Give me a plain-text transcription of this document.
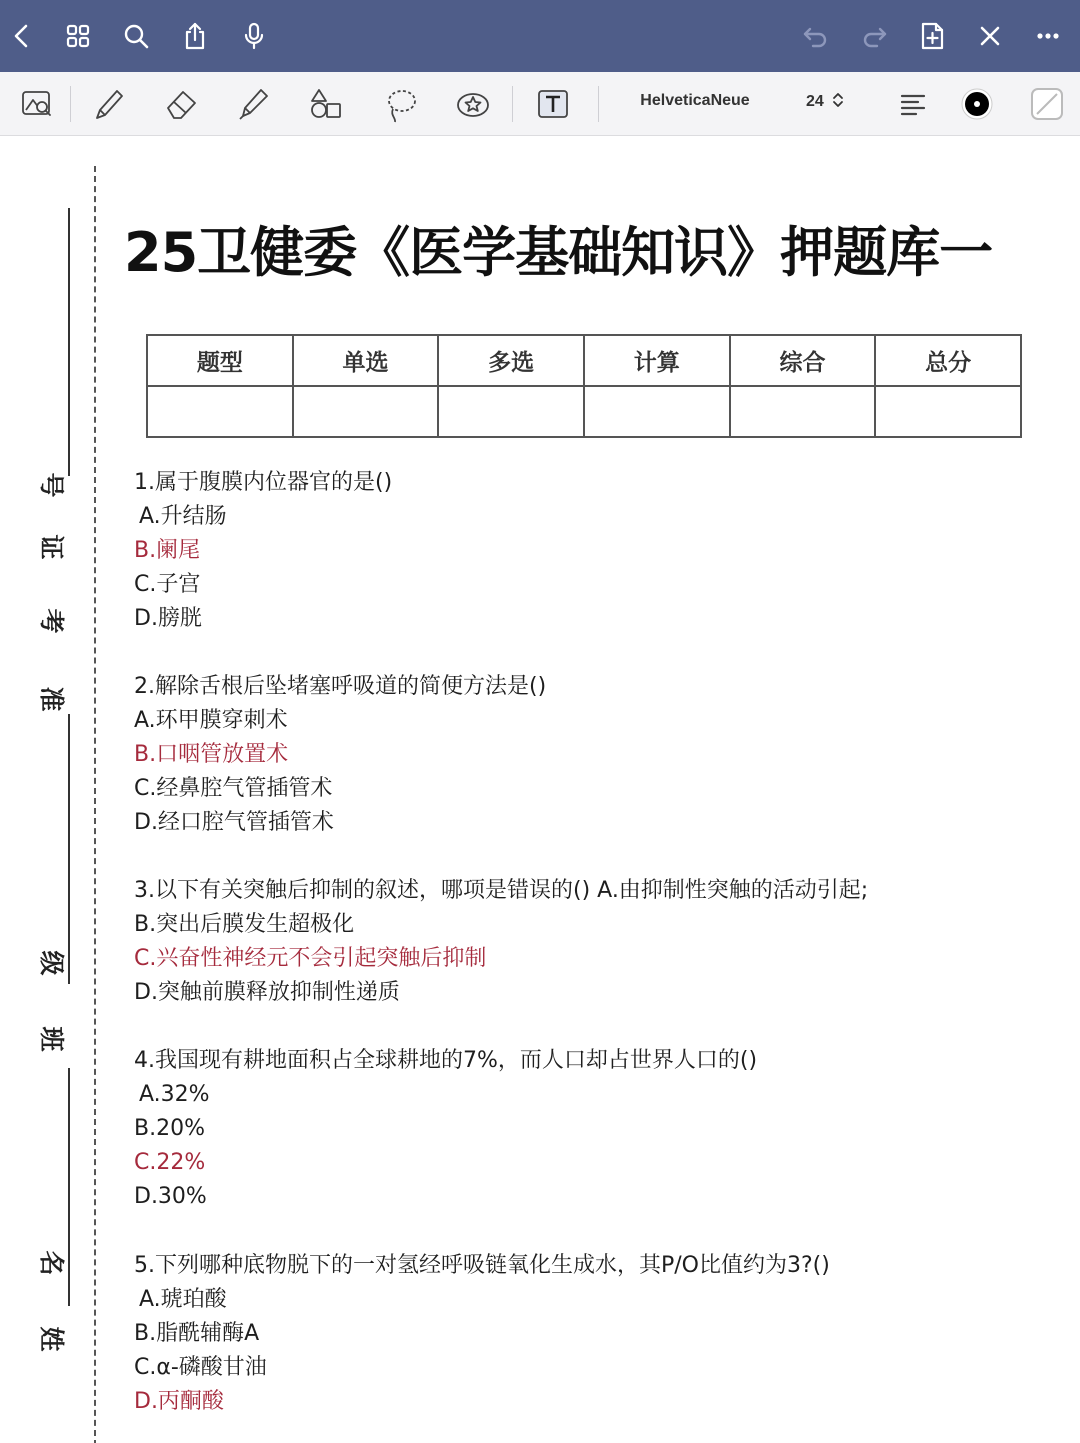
HelveticaNeue	24
准
考
证
号
班
级
姓
名
25卫健委《医学基础知识》押题库一
题型	单选	多选	计算	综合	总分

1.属于腹膜内位器官的是()
A.升结肠
B.阑尾
C.子宫
D.膀胱
2.解除舌根后坠堵塞呼吸道的简便方法是()
A.环甲膜穿刺术
B.口咽管放置术
C.经鼻腔气管插管术
D.经口腔气管插管术
3.以下有关突触后抑制的叙述，哪项是错误的() A.由抑制性突触的活动引起;
B.突出后膜发生超极化
C.兴奋性神经元不会引起突触后抑制
D.突触前膜释放抑制性递质
4.我国现有耕地面积占全球耕地的7%，而人口却占世界人口的()
A.32%
B.20%
C.22%
D.30%
5.下列哪种底物脱下的一对氢经呼吸链氧化生成水，其P/O比值约为3?()
A.琥珀酸
B.脂酰辅酶A
C.α-磷酸甘油
D.丙酮酸
